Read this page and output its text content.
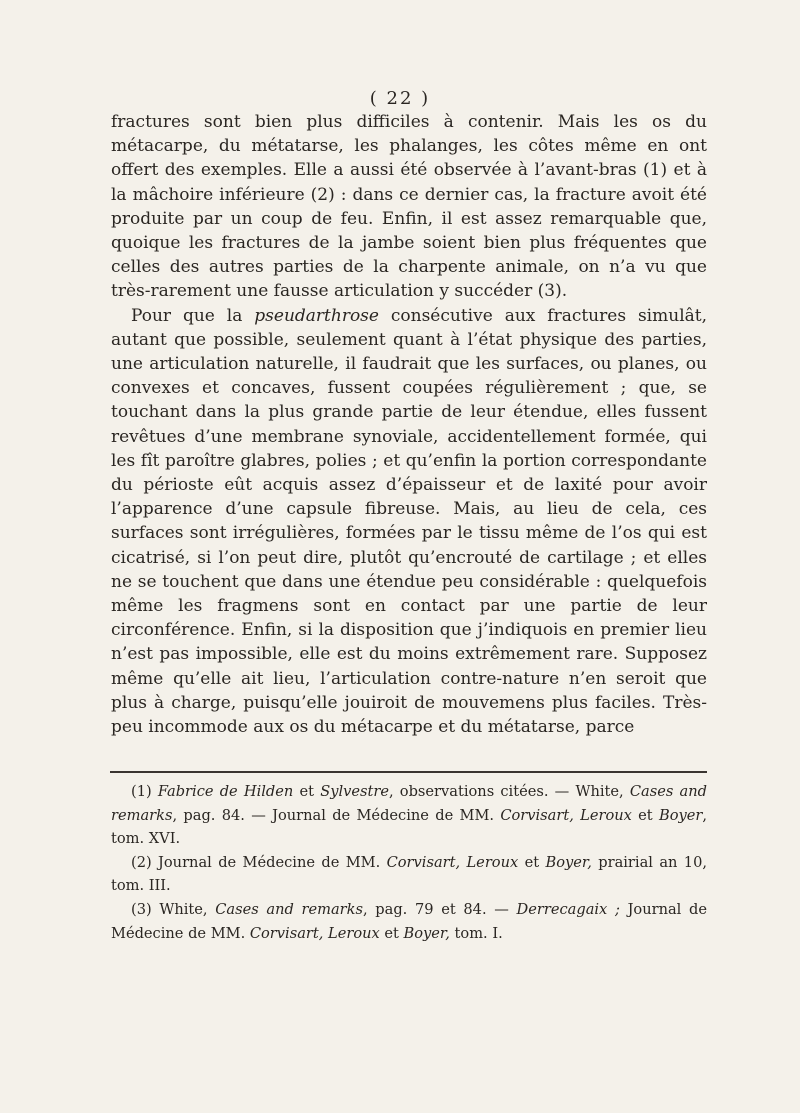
( 22 )

fractures sont bien plus difficiles à contenir. Mais les os du métacarpe, du métatarse, les phalanges, les côtes même en ont offert des exemples. Elle a aussi été observée à l’avant-bras (1) et à la mâchoire inférieure (2) : dans ce dernier cas, la fracture avoit été produite par un coup de feu. Enfin, il est assez remarquable que, quoique les fractures de la jambe soient bien plus fréquentes que celles des autres parties de la charpente animale, on n’a vu que très-rarement une fausse articulation y succéder (3).

Pour que la pseudarthrose consécutive aux fractures simulât, autant que possible, seulement quant à l’état physique des parties, une articulation naturelle, il faudrait que les surfaces, ou planes, ou convexes et concaves, fussent coupées régulièrement ; que, se touchant dans la plus grande partie de leur étendue, elles fussent revêtues d’une membrane synoviale, accidentellement formée, qui les fît paroître glabres, polies ; et qu’enfin la portion correspondante du périoste eût acquis assez d’épaisseur et de laxité pour avoir l’apparence d’une capsule fibreuse. Mais, au lieu de cela, ces surfaces sont irrégulières, formées par le tissu même de l’os qui est cicatrisé, si l’on peut dire, plutôt qu’encrouté de cartilage ; et elles ne se touchent que dans une étendue peu considérable : quelquefois même les fragmens sont en contact par une partie de leur circonférence. Enfin, si la disposition que j’indiquois en premier lieu n’est pas impossible, elle est du moins extrêmement rare. Supposez même qu’elle ait lieu, l’articulation contre-nature n’en seroit que plus à charge, puisqu’elle jouiroit de mouvemens plus faciles. Très-peu incommode aux os du métacarpe et du métatarse, parce

(1) Fabrice de Hilden et Sylvestre, observations citées. — White, Cases and remarks, pag. 84. — Journal de Médecine de MM. Corvisart, Leroux et Boyer, tom. XVI.

(2) Journal de Médecine de MM. Corvisart, Leroux et Boyer, prairial an 10, tom. III.

(3) White, Cases and remarks, pag. 79 et 84. — Derrecagaix ; Journal de Médecine de MM. Corvisart, Leroux et Boyer, tom. I.
